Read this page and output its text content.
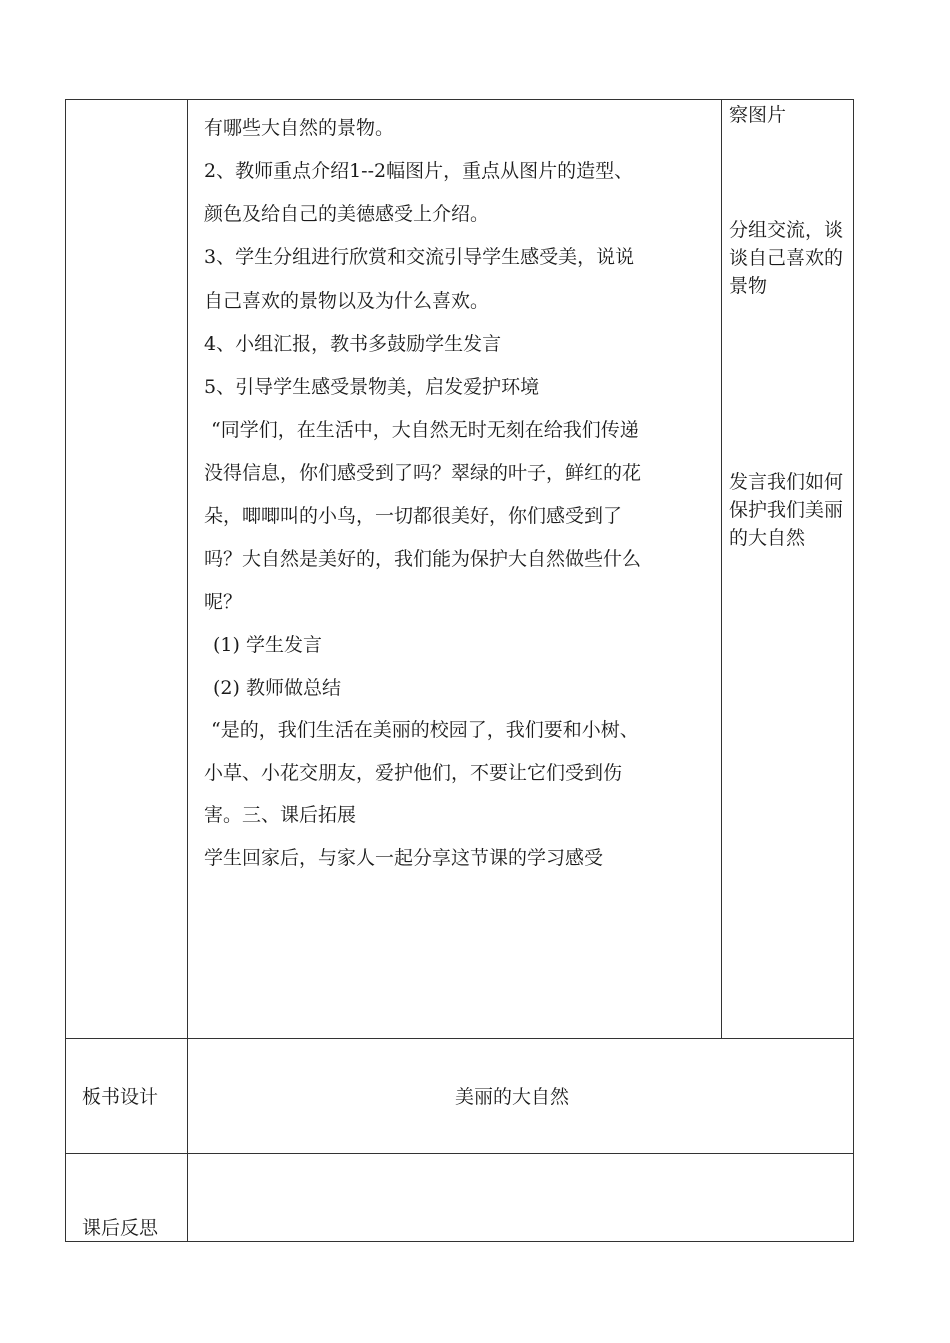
有哪些大自然的景物。
2、教师重点介绍1--2幅图片，重点从图片的造型、
颜色及给自己的美德感受上介绍。
3、学生分组进行欣赏和交流引导学生感受美，说说
自己喜欢的景物以及为什么喜欢。
4、小组汇报，教书多鼓励学生发言
5、引导学生感受景物美，启发爱护环境
“同学们，在生活中，大自然无时无刻在给我们传递
没得信息，你们感受到了吗？翠绿的叶子，鲜红的花
朵，唧唧叫的小鸟，一切都很美好，你们感受到了
吗？大自然是美好的，我们能为保护大自然做些什么
呢？
(1) 学生发言
(2) 教师做总结
“是的，我们生活在美丽的校园了，我们要和小树、
小草、小花交朋友，爱护他们，不要让它们受到伤
害。三、课后拓展
学生回家后，与家人一起分享这节课的学习感受
察图片
分组交流，谈谈自己喜欢的景物
发言我们如何保护我们美丽的大自然
板书设计	美丽的大自然
课后反思
